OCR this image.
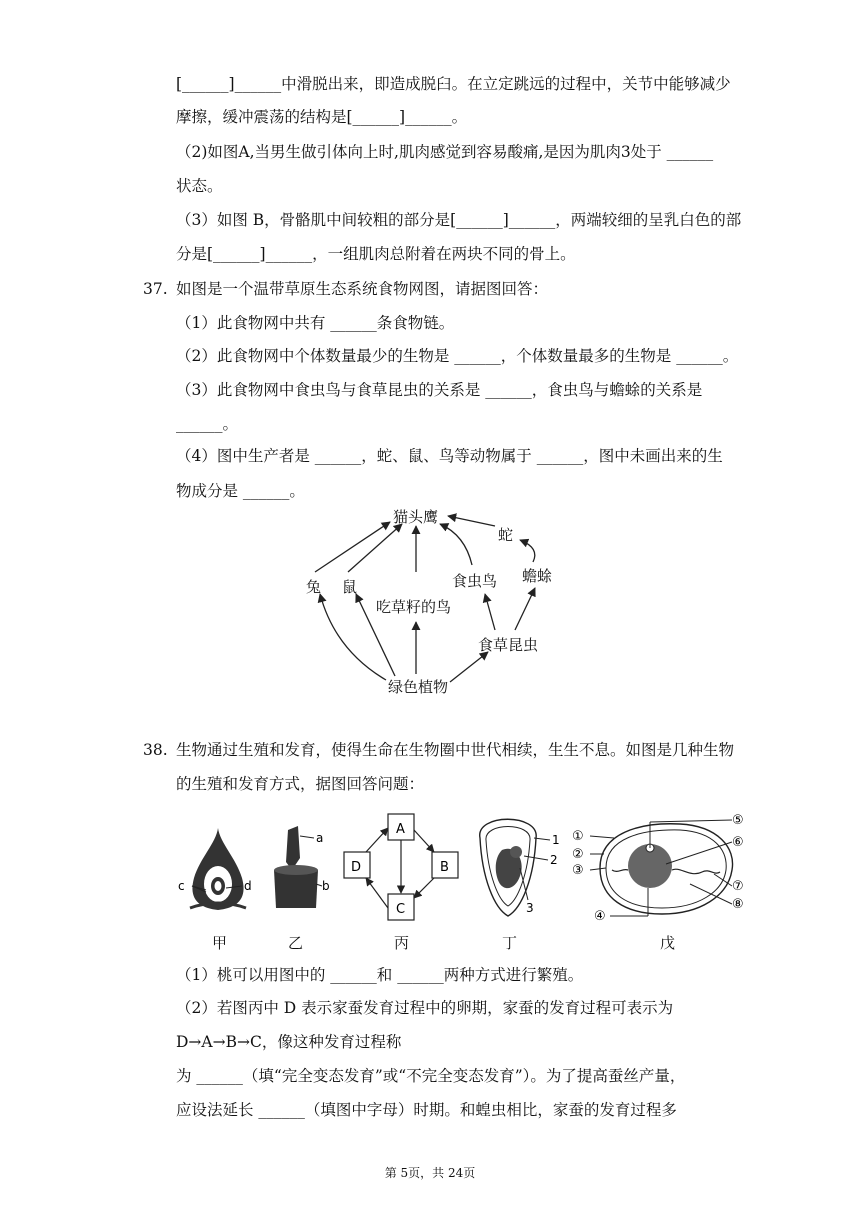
[______]______中滑脱出来，即造成脱臼。在立定跳远的过程中，关节中能够减少
摩擦，缓冲震荡的结构是[______]______。
（2)如图A,当男生做引体向上时,肌肉感觉到容易酸痛,是因为肌肉3处于 ______
状态。
（3）如图 B，骨骼肌中间较粗的部分是[______]______，两端较细的呈乳白色的部
分是[______]______，一组肌肉总附着在两块不同的骨上。
37. 如图是一个温带草原生态系统食物网图，请据图回答：
（1）此食物网中共有 ______条食物链。
（2）此食物网中个体数量最少的生物是 ______，个体数量最多的生物是 ______。
（3）此食物网中食虫鸟与食草昆虫的关系是 ______，食虫鸟与蟾蜍的关系是
______。
（4）图中生产者是 ______，蛇、鼠、鸟等动物属于 ______，图中未画出来的生
物成分是 ______。
猫头鹰
蛇
兔 鼠	食虫鸟 蟾蜍
吃草籽的鸟
食草昆虫
绿色植物
38. 生物通过生殖和发育，使得生命在生物圈中世代相续，生生不息。如图是几种生物
的生殖和发育方式，据图回答问题：
c	d
a
b
A
B
C
D
1
2
3
①
②
③
④
⑤
⑥
⑦
⑧
甲	乙	丙	丁	戊
（1）桃可以用图中的 ______和 ______两种方式进行繁殖。
（2）若图丙中 D 表示家蚕发育过程中的卵期，家蚕的发育过程可表示为
D→A→B→C，像这种发育过程称
为 ______（填“完全变态发育”或“不完全变态发育”）。为了提高蚕丝产量，
应设法延长 ______（填图中字母）时期。和蝗虫相比，家蚕的发育过程多
第 5页，共 24页
